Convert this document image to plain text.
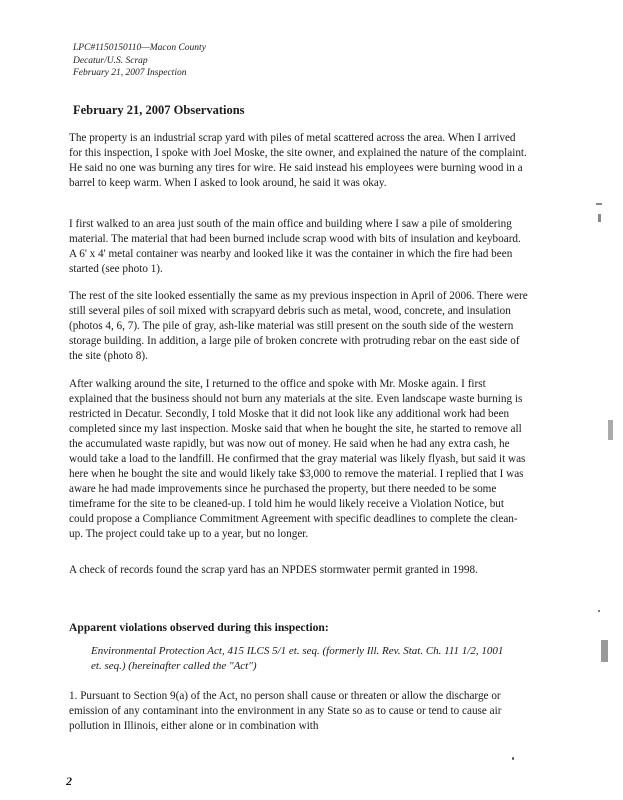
LPC#1150150110—Macon County
Decatur/U.S. Scrap
February 21, 2007 Inspection
February 21, 2007 Observations

The property is an industrial scrap yard with piles of metal scattered across the area. When I arrived for this inspection, I spoke with Joel Moske, the site owner, and explained the nature of the complaint. He said no one was burning any tires for wire. He said instead his employees were burning wood in a barrel to keep warm. When I asked to look around, he said it was okay.

I first walked to an area just south of the main office and building where I saw a pile of smoldering material. The material that had been burned include scrap wood with bits of insulation and keyboard. A 6' x 4' metal container was nearby and looked like it was the container in which the fire had been started (see photo 1).

The rest of the site looked essentially the same as my previous inspection in April of 2006. There were still several piles of soil mixed with scrapyard debris such as metal, wood, concrete, and insulation (photos 4, 6, 7). The pile of gray, ash-like material was still present on the south side of the western storage building. In addition, a large pile of broken concrete with protruding rebar on the east side of the site (photo 8).

After walking around the site, I returned to the office and spoke with Mr. Moske again. I first explained that the business should not burn any materials at the site. Even landscape waste burning is restricted in Decatur. Secondly, I told Moske that it did not look like any additional work had been completed since my last inspection. Moske said that when he bought the site, he started to remove all the accumulated waste rapidly, but was now out of money. He said when he had any extra cash, he would take a load to the landfill. He confirmed that the gray material was likely flyash, but said it was here when he bought the site and would likely take $3,000 to remove the material. I replied that I was aware he had made improvements since he purchased the property, but there needed to be some timeframe for the site to be cleaned-up. I told him he would likely receive a Violation Notice, but could propose a Compliance Commitment Agreement with specific deadlines to complete the clean-up. The project could take up to a year, but no longer.

A check of records found the scrap yard has an NPDES stormwater permit granted in 1998.

Apparent violations observed during this inspection:

Environmental Protection Act, 415 ILCS 5/1 et. seq. (formerly Ill. Rev. Stat. Ch. 111 1/2, 1001 et. seq.) (hereinafter called the "Act")

1. Pursuant to Section 9(a) of the Act, no person shall cause or threaten or allow the discharge or emission of any contaminant into the environment in any State so as to cause or tend to cause air pollution in Illinois, either alone or in combination with

2
